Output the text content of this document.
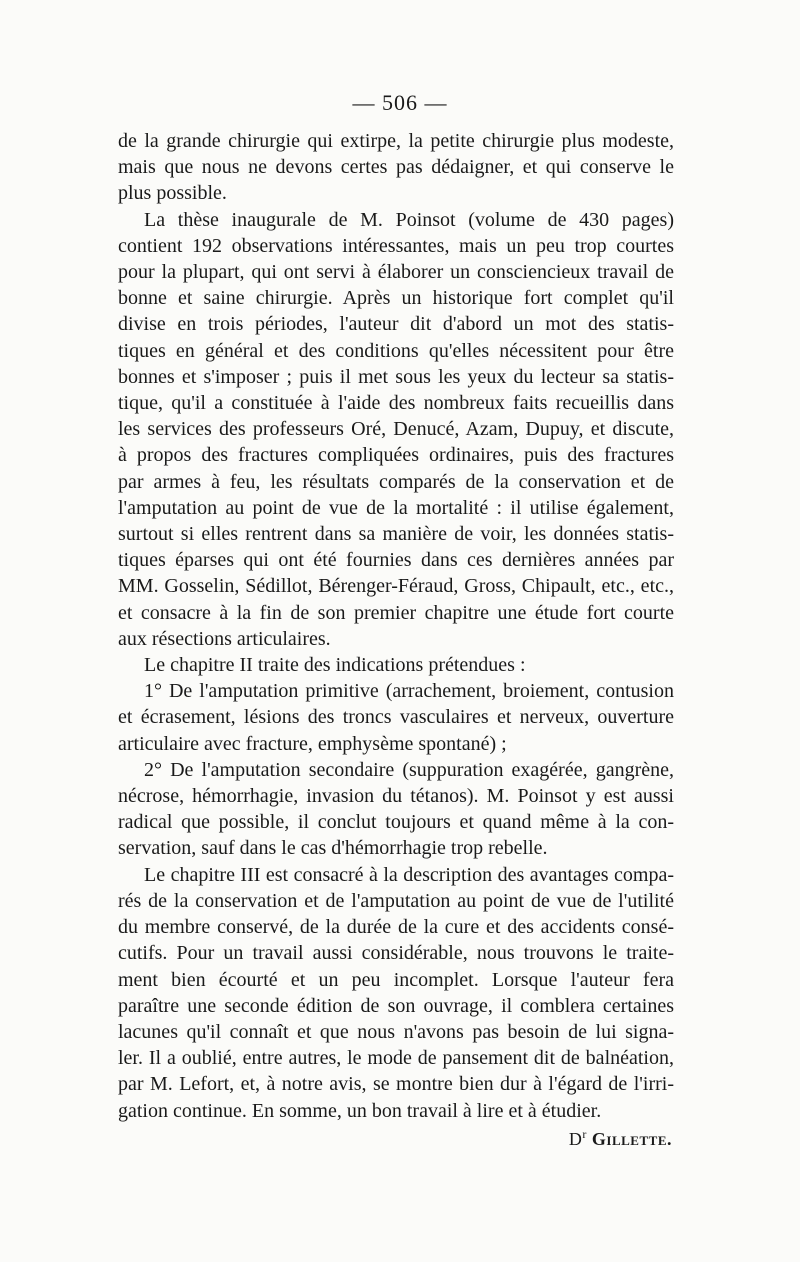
— 506 —
de la grande chirurgie qui extirpe, la petite chirurgie plus modeste,
mais que nous ne devons certes pas dédaigner, et qui conserve le
plus possible.
La thèse inaugurale de M. Poinsot (volume de 430 pages)
contient 192 observations intéressantes, mais un peu trop courtes
pour la plupart, qui ont servi à élaborer un consciencieux travail de
bonne et saine chirurgie. Après un historique fort complet qu'il
divise en trois périodes, l'auteur dit d'abord un mot des statis-
tiques en général et des conditions qu'elles nécessitent pour être
bonnes et s'imposer ; puis il met sous les yeux du lecteur sa statis-
tique, qu'il a constituée à l'aide des nombreux faits recueillis dans
les services des professeurs Oré, Denucé, Azam, Dupuy, et discute,
à propos des fractures compliquées ordinaires, puis des fractures
par armes à feu, les résultats comparés de la conservation et de
l'amputation au point de vue de la mortalité : il utilise également,
surtout si elles rentrent dans sa manière de voir, les données statis-
tiques éparses qui ont été fournies dans ces dernières années par
MM. Gosselin, Sédillot, Bérenger-Féraud, Gross, Chipault, etc., etc.,
et consacre à la fin de son premier chapitre une étude fort courte
aux résections articulaires.
Le chapitre II traite des indications prétendues :
1° De l'amputation primitive (arrachement, broiement, contusion
et écrasement, lésions des troncs vasculaires et nerveux, ouverture
articulaire avec fracture, emphysème spontané) ;
2° De l'amputation secondaire (suppuration exagérée, gangrène,
nécrose, hémorrhagie, invasion du tétanos). M. Poinsot y est aussi
radical que possible, il conclut toujours et quand même à la con-
servation, sauf dans le cas d'hémorrhagie trop rebelle.
Le chapitre III est consacré à la description des avantages compa-
rés de la conservation et de l'amputation au point de vue de l'utilité
du membre conservé, de la durée de la cure et des accidents consé-
cutifs. Pour un travail aussi considérable, nous trouvons le traite-
ment bien écourté et un peu incomplet. Lorsque l'auteur fera
paraître une seconde édition de son ouvrage, il comblera certaines
lacunes qu'il connaît et que nous n'avons pas besoin de lui signa-
ler. Il a oublié, entre autres, le mode de pansement dit de balnéation,
par M. Lefort, et, à notre avis, se montre bien dur à l'égard de l'irri-
gation continue. En somme, un bon travail à lire et à étudier.
$D^r$ Gillette.
